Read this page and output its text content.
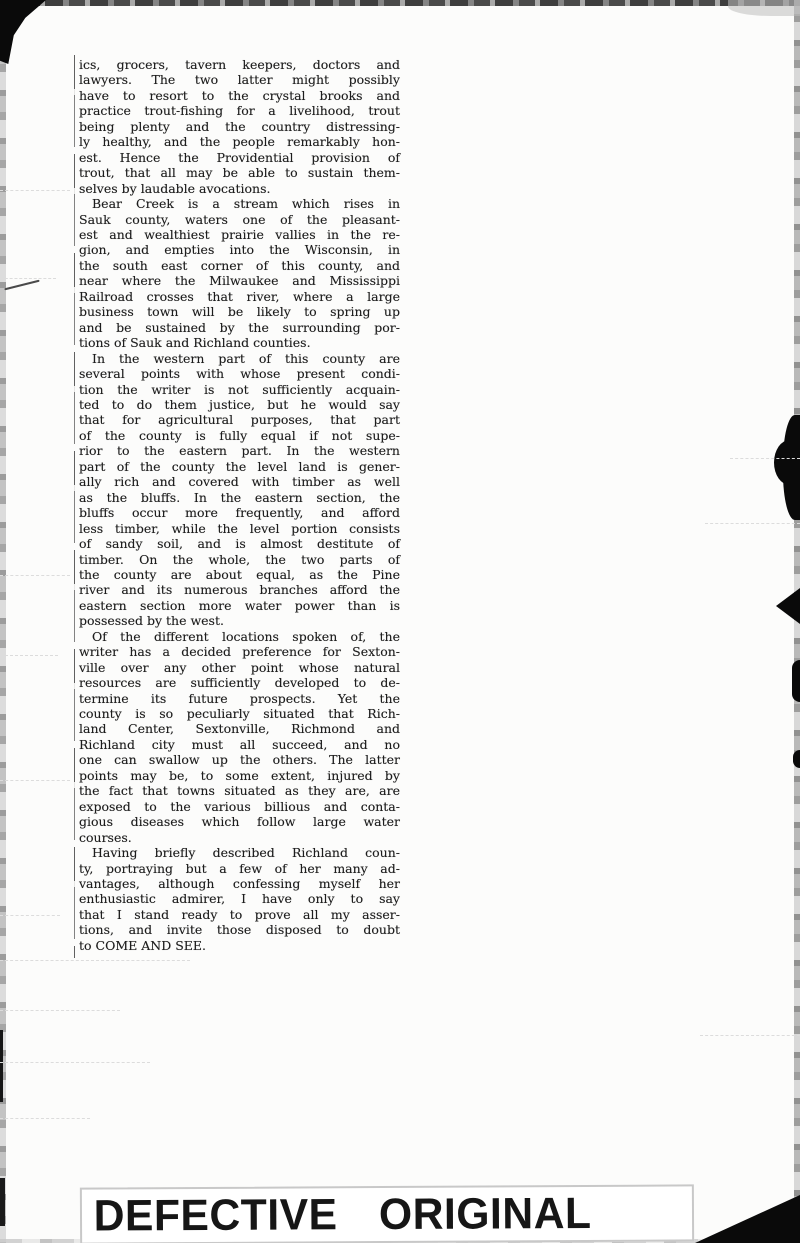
ics, grocers, tavern keepers, doctors and
lawyers. The two latter might possibly
have to resort to the crystal brooks and
practice trout-fishing for a livelihood, trout
being plenty and the country distressing-
ly healthy, and the people remarkably hon-
est. Hence the Providential provision of
trout, that all may be able to sustain them-
selves by laudable avocations.
Bear Creek is a stream which rises in
Sauk county, waters one of the pleasant-
est and wealthiest prairie vallies in the re-
gion, and empties into the Wisconsin, in
the south east corner of this county, and
near where the Milwaukee and Mississippi
Railroad crosses that river, where a large
business town will be likely to spring up
and be sustained by the surrounding por-
tions of Sauk and Richland counties.
In the western part of this county are
several points with whose present condi-
tion the writer is not sufficiently acquain-
ted to do them justice, but he would say
that for agricultural purposes, that part
of the county is fully equal if not supe-
rior to the eastern part. In the western
part of the county the level land is gener-
ally rich and covered with timber as well
as the bluffs. In the eastern section, the
bluffs occur more frequently, and afford
less timber, while the level portion consists
of sandy soil, and is almost destitute of
timber. On the whole, the two parts of
the county are about equal, as the Pine
river and its numerous branches afford the
eastern section more water power than is
possessed by the west.
Of the different locations spoken of, the
writer has a decided preference for Sexton-
ville over any other point whose natural
resources are sufficiently developed to de-
termine its future prospects. Yet the
county is so peculiarly situated that Rich-
land Center, Sextonville, Richmond and
Richland city must all succeed, and no
one can swallow up the others. The latter
points may be, to some extent, injured by
the fact that towns situated as they are, are
exposed to the various billious and conta-
gious diseases which follow large water
courses.
Having briefly described Richland coun-
ty, portraying but a few of her many ad-
vantages, although confessing myself her
enthusiastic admirer, I have only to say
that I stand ready to prove all my asser-
tions, and invite those disposed to doubt
to COME AND SEE.
DEFECTIVE ORIGINAL
